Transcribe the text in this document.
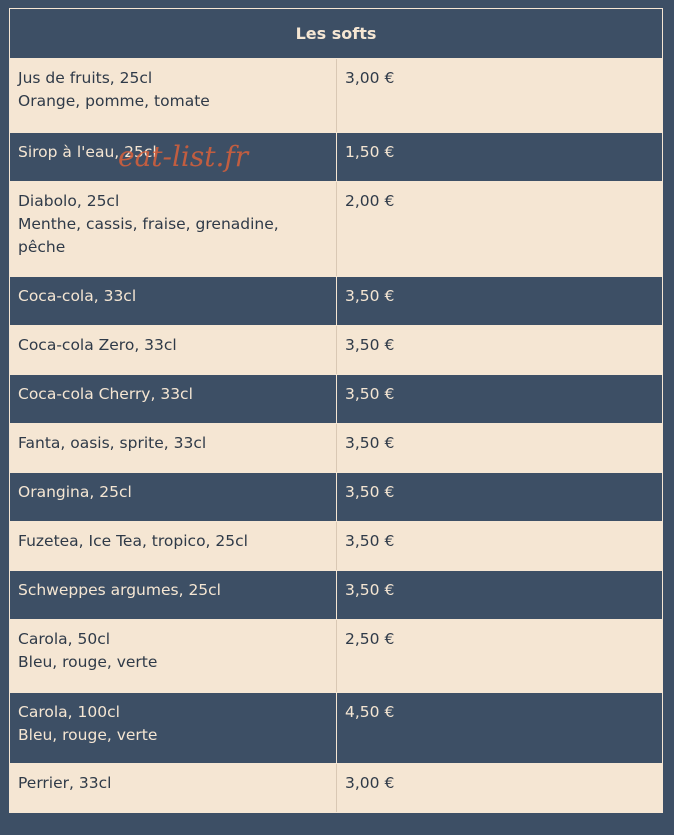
Les softs
Jus de fruits, 25cl
Orange, pomme, tomate
3,00 €
Sirop à l'eau, 25cl	1,50 €
Diabolo, 25cl
Menthe, cassis, fraise, grenadine, pêche
2,00 €
Coca-cola, 33cl	3,50 €
Coca-cola Zero, 33cl	3,50 €
Coca-cola Cherry, 33cl	3,50 €
Fanta, oasis, sprite, 33cl	3,50 €
Orangina, 25cl	3,50 €
Fuzetea, Ice Tea, tropico, 25cl	3,50 €
Schweppes argumes, 25cl	3,50 €
Carola, 50cl
Bleu, rouge, verte
2,50 €
Carola, 100cl
Bleu, rouge, verte
4,50 €
Perrier, 33cl	3,00 €
eat-list.fr
